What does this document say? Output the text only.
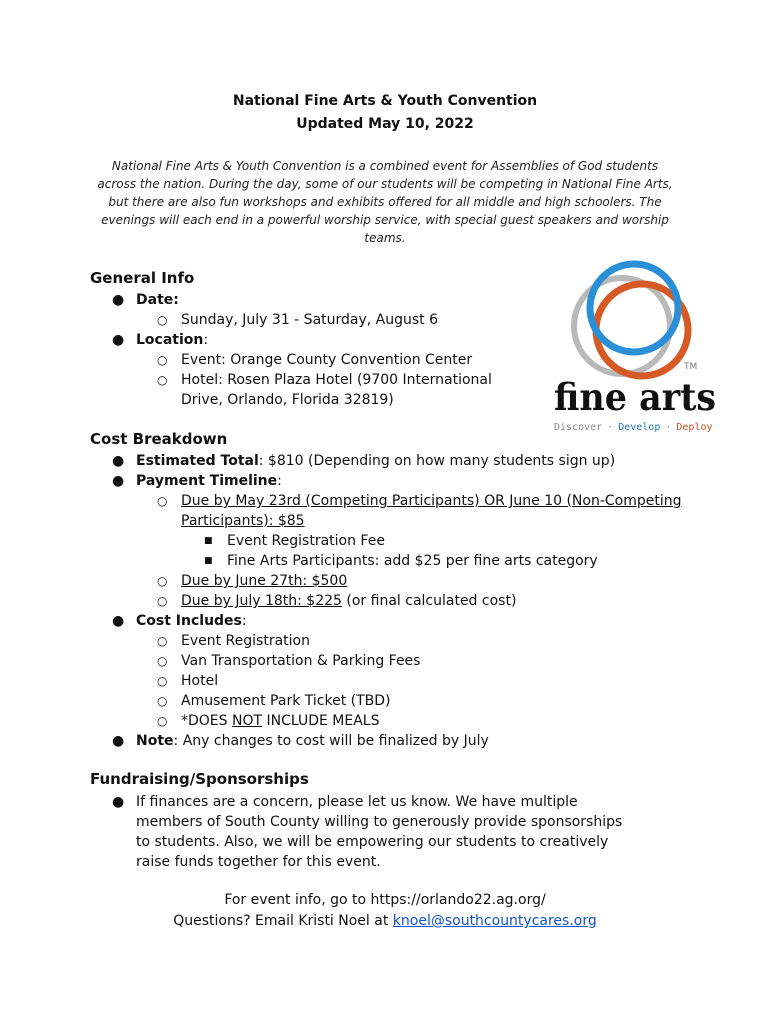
National Fine Arts & Youth Convention
Updated May 10, 2022

National Fine Arts & Youth Convention is a combined event for Assemblies of God students across the nation. During the day, some of our students will be competing in National Fine Arts, but there are also fun workshops and exhibits offered for all middle and high schoolers. The evenings will each end in a powerful worship service, with special guest speakers and worship teams.

General Info
● Date:
○ Sunday, July 31 - Saturday, August 6
● Location:
○ Event: Orange County Convention Center
○ Hotel: Rosen Plaza Hotel (9700 International Drive, Orlando, Florida 32819)
TM
fine arts
Discover · Develop · Deploy
Cost Breakdown
● Estimated Total: $810 (Depending on how many students sign up)
● Payment Timeline:
○ Due by May 23rd (Competing Participants) OR June 10 (Non-Competing Participants): $85
■ Event Registration Fee
■ Fine Arts Participants: add $25 per fine arts category
○ Due by June 27th: $500
○ Due by July 18th: $225 (or final calculated cost)
● Cost Includes:
○ Event Registration
○ Van Transportation & Parking Fees
○ Hotel
○ Amusement Park Ticket (TBD)
○ *DOES NOT INCLUDE MEALS
● Note: Any changes to cost will be finalized by July
Fundraising/Sponsorships
● If finances are a concern, please let us know. We have multiple members of South County willing to generously provide sponsorships to students. Also, we will be empowering our students to creatively raise funds together for this event.
For event info, go to https://orlando22.ag.org/
Questions? Email Kristi Noel at knoel@southcountycares.org
